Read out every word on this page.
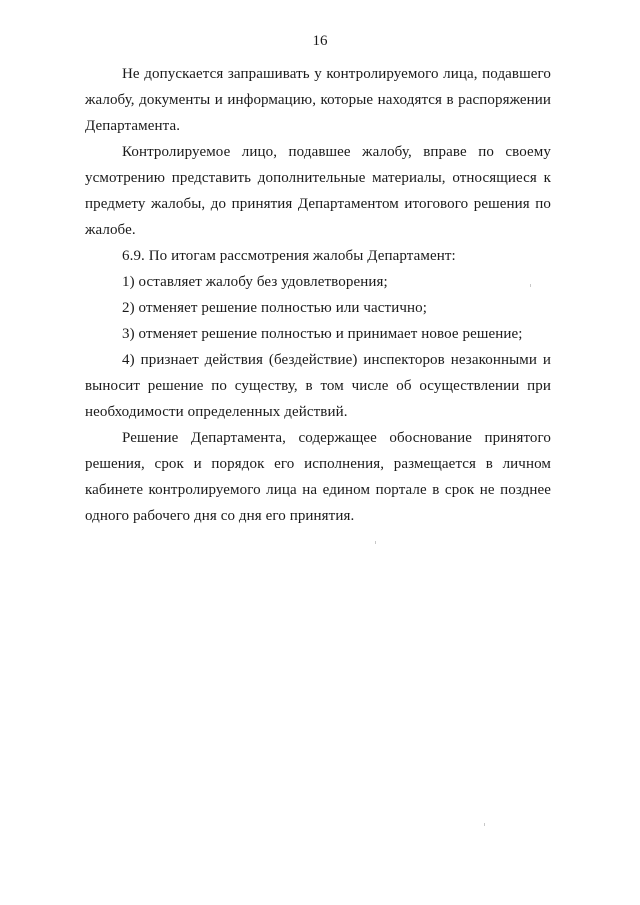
16

Не допускается запрашивать у контролируемого лица, подавшего жалобу, документы и информацию, которые находятся в распоряжении Департамента.

Контролируемое лицо, подавшее жалобу, вправе по своему усмотрению представить дополнительные материалы, относящиеся к предмету жалобы, до принятия Департаментом итогового решения по жалобе.

6.9. По итогам рассмотрения жалобы Департамент:

1) оставляет жалобу без удовлетворения;

2) отменяет решение полностью или частично;

3) отменяет решение полностью и принимает новое решение;

4) признает действия (бездействие) инспекторов незаконными и выносит решение по существу, в том числе об осуществлении при необходимости определенных действий.

Решение Департамента, содержащее обоснование принятого решения, срок и порядок его исполнения, размещается в личном кабинете контролируемого лица на едином портале в срок не позднее одного рабочего дня со дня его принятия.
